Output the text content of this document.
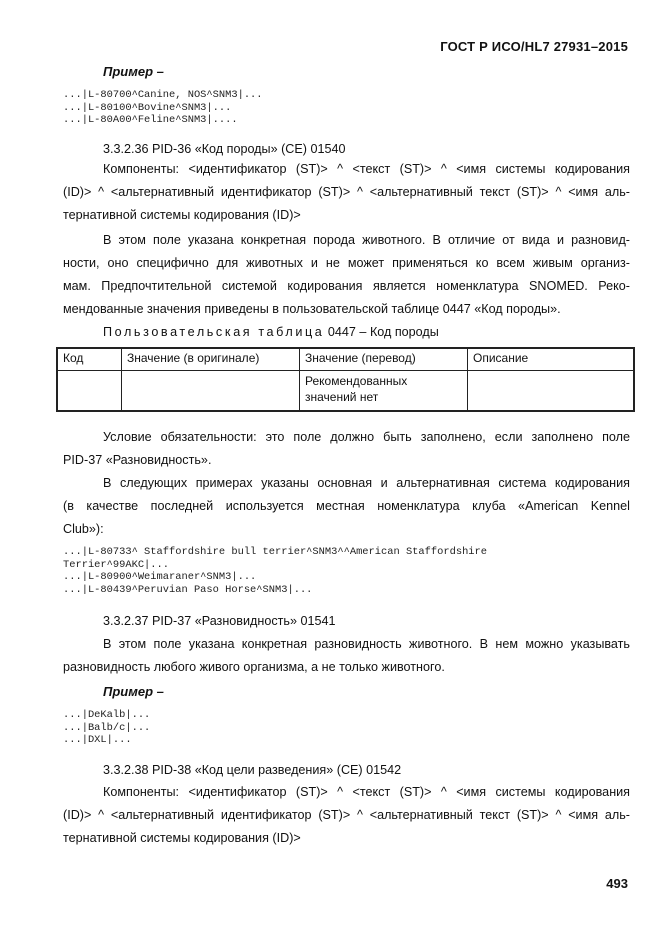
ГОСТ Р ИСО/HL7 27931–2015
Пример –
...|L-80700^Canine, NOS^SNM3|...
...|L-80100^Bovine^SNM3|...
...|L-80A00^Feline^SNM3|....
3.3.2.36 PID-36 «Код породы» (CE) 01540
Компоненты: <идентификатор (ST)> ^ <текст (ST)> ^ <имя системы кодирования
(ID)> ^ <альтернативный идентификатор (ST)> ^ <альтернативный текст (ST)> ^ <имя аль-
тернативной системы кодирования (ID)>
В этом поле указана конкретная порода животного. В отличие от вида и разновид-
ности, оно специфично для животных и не может применяться ко всем живым организ-
мам. Предпочтительной системой кодирования является номенклатура SNOMED. Реко-
мендованные значения приведены в пользовательской таблице 0447 «Код породы».
Пользовательская таблица 0447 – Код породы
Код	Значение (в оригинале)	Значение (перевод)	Описание
		Рекомендованных значений нет	
Условие обязательности: это поле должно быть заполнено, если заполнено поле
PID-37 «Разновидность».
В следующих примерах указаны основная и альтернативная система кодирования
(в качестве последней используется местная номенклатура клуба «American Kennel
Club»):
...|L-80733^ Staffordshire bull terrier^SNM3^^American Staffordshire
Terrier^99AKC|...
...|L-80900^Weimaraner^SNM3|...
...|L-80439^Peruvian Paso Horse^SNM3|...
3.3.2.37 PID-37 «Разновидность» 01541
В этом поле указана конкретная разновидность животного. В нем можно указывать
разновидность любого живого организма, а не только животного.
Пример –
...|DeKalb|...
...|Balb/c|...
...|DXL|...
3.3.2.38 PID-38 «Код цели разведения» (CE) 01542
Компоненты: <идентификатор (ST)> ^ <текст (ST)> ^ <имя системы кодирования
(ID)> ^ <альтернативный идентификатор (ST)> ^ <альтернативный текст (ST)> ^ <имя аль-
тернативной системы кодирования (ID)>
493
